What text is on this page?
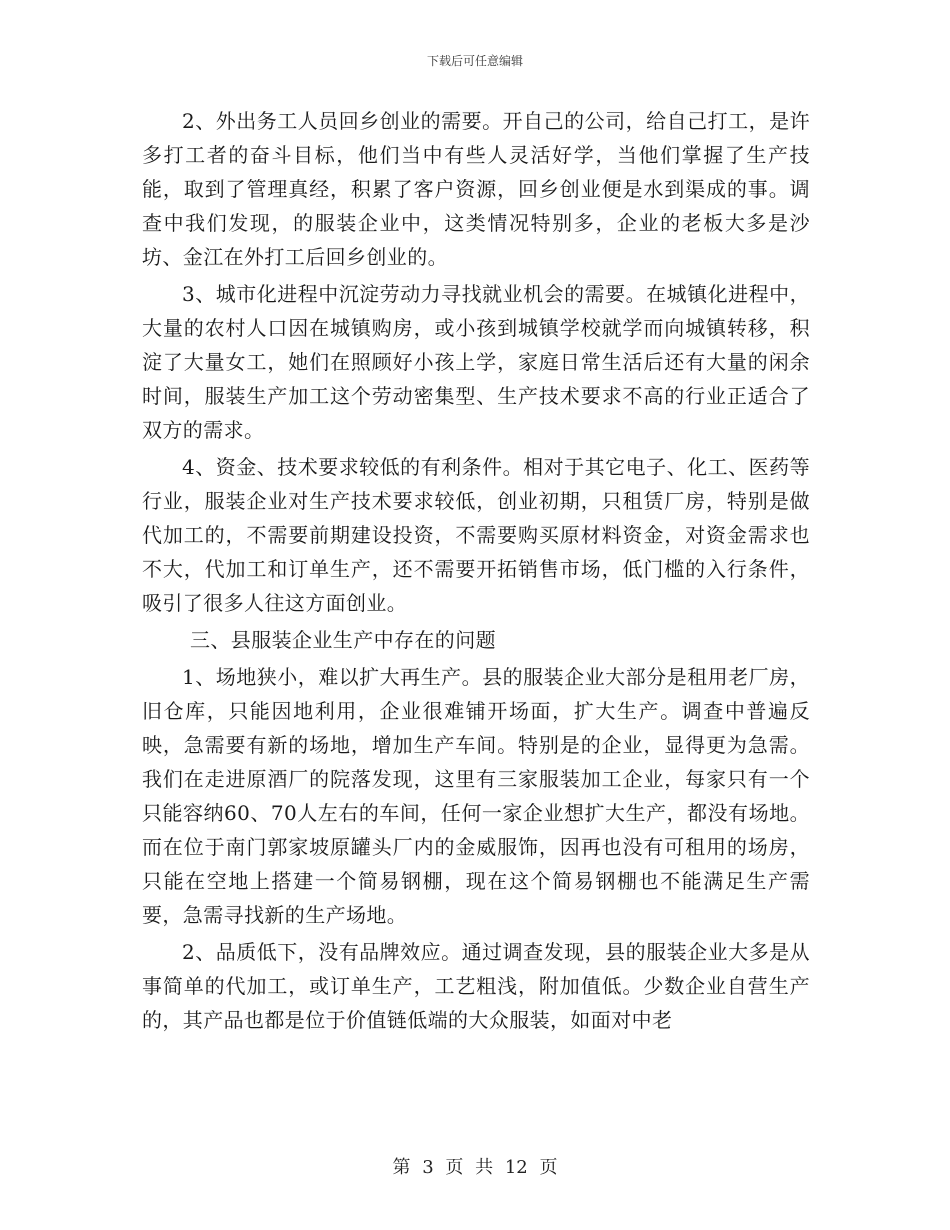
下载后可任意编辑

2、外出务工人员回乡创业的需要。开自己的公司，给自己打工，是许多打工者的奋斗目标，他们当中有些人灵活好学，当他们掌握了生产技能，取到了管理真经，积累了客户资源，回乡创业便是水到渠成的事。调查中我们发现，的服装企业中，这类情况特别多，企业的老板大多是沙坊、金江在外打工后回乡创业的。

3、城市化进程中沉淀劳动力寻找就业机会的需要。在城镇化进程中，大量的农村人口因在城镇购房，或小孩到城镇学校就学而向城镇转移，积淀了大量女工，她们在照顾好小孩上学，家庭日常生活后还有大量的闲余时间，服装生产加工这个劳动密集型、生产技术要求不高的行业正适合了双方的需求。

4、资金、技术要求较低的有利条件。相对于其它电子、化工、医药等行业，服装企业对生产技术要求较低，创业初期，只租赁厂房，特别是做代加工的，不需要前期建设投资，不需要购买原材料资金，对资金需求也不大，代加工和订单生产，还不需要开拓销售市场，低门槛的入行条件，吸引了很多人往这方面创业。

三、县服装企业生产中存在的问题

1、场地狭小，难以扩大再生产。县的服装企业大部分是租用老厂房，旧仓库，只能因地利用，企业很难铺开场面，扩大生产。调查中普遍反映，急需要有新的场地，增加生产车间。特别是的企业，显得更为急需。我们在走进原酒厂的院落发现，这里有三家服装加工企业，每家只有一个只能容纳60、70人左右的车间，任何一家企业想扩大生产，都没有场地。而在位于南门郭家坡原罐头厂内的金威服饰，因再也没有可租用的场房，只能在空地上搭建一个简易钢棚，现在这个简易钢棚也不能满足生产需要，急需寻找新的生产场地。

2、品质低下，没有品牌效应。通过调查发现，县的服装企业大多是从事简单的代加工，或订单生产，工艺粗浅，附加值低。少数企业自营生产的，其产品也都是位于价值链低端的大众服装，如面对中老

第 3 页 共 12 页
